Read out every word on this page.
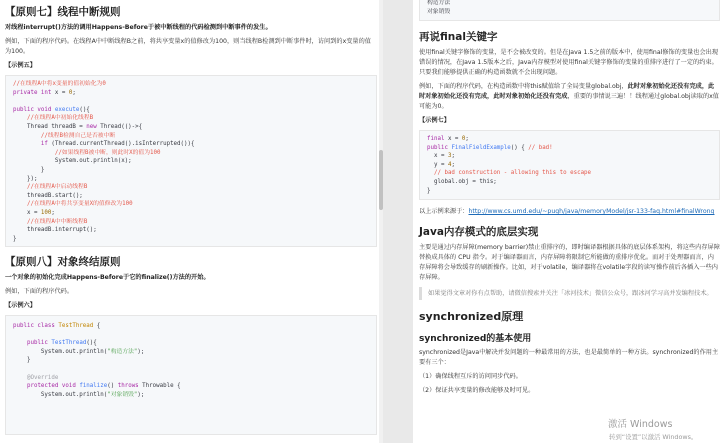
【原则七】线程中断规则

对线程interrupt()方法的调用Happens-Before于被中断线程的代码检测到中断事件的发生。

例如，下面的程序代码。在线程A中中断线程B之前，将共享变量x的值修改为100，则当线程B检测到中断事件时，访问到的x变量的值为100。

【示例五】

//在线程A中将x变量的值初始化为0
private int x = 0;

public void execute(){
//在线程A中初始化线程B
Thread threadB = new Thread(()->{
//线程B检测自己是否被中断
if (Thread.currentThread().isInterrupted()){
//如果线程B被中断，则此时X的值为100
System.out.println(x);
}
});
//在线程A中启动线程B
threadB.start();
//在线程A中将共享变量X的值修改为100
x = 100;
//在线程A中中断线程B
threadB.interrupt();
}
【原则八】对象终结原则

一个对象的初始化完成Happens-Before于它的finalize()方法的开始。

例如，下面的程序代码。

【示例六】

public class TestThread {

public TestThread(){
System.out.println("构造方法");
}

@Override
protected void finalize() throws Throwable {
System.out.println("对象销毁");
构造方法
对象销毁
再说final关键字

使用final关键字修饰的变量，是不会被改变的。但是在Java 1.5之前的版本中，使用final修饰的变量也会出现错误的情况，在Java 1.5版本之后，Java内存模型对使用final关键字修饰的变量的重排序进行了一定的约束。只要我们能够提供正确的构造函数就不会出现问题。

例如，下面的程序代码，在构造函数中将this赋值给了全局变量global.obj，此时对象初始化还没有完成，此时对象初始化还没有完成，此时对象初始化还没有完成，重要的事情说三遍！！线程通过global.obj读取的x值可能为0。

【示例七】

final x = 0;
public FinalFieldExample() { // bad!
x = 3;
y = 4;
// bad construction - allowing this to escape
global.obj = this;
}

以上示例来源于：http://www.cs.umd.edu/~pugh/java/memoryModel/jsr-133-faq.html#finalWrong

Java内存模式的底层实现

主要是通过内存屏障(memory barrier)禁止重排序的，即时编译器根据具体的底层体系架构，将这些内存屏障替换成具体的 CPU 指令。对于编译器而言，内存屏障将限制它所能做的重排序优化。而对于处理器而言，内存屏障将会导致缓存的刷新操作。比如，对于volatile，编译器将在volatile字段的读写操作前后各插入一些内存屏障。

如果觉得文章对你有点帮助，请微信搜索并关注「冰河技术」微信公众号，跟冰河学习高并发编程技术。
synchronized原理
synchronized的基本使用

synchronized是Java中解决并发问题的一种最常用的方法，也是最简单的一种方法。synchronized的作用主要有三个：

（1）确保线程互斥的访问同步代码。

（2）保证共享变量的修改能够及时可见。

激活 Windows
转到“设置”以激活 Windows。
